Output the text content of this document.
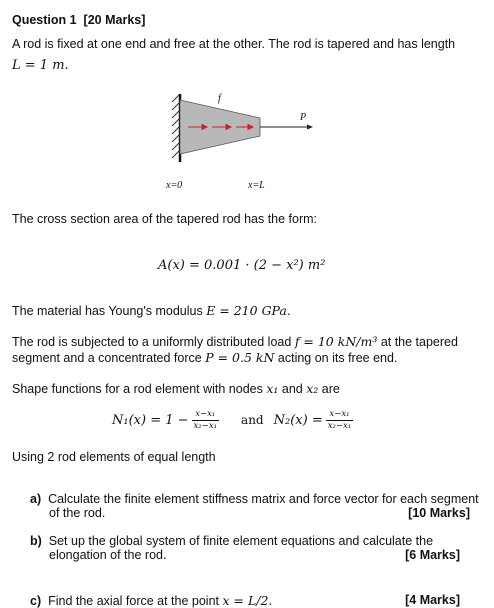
Question 1 [20 Marks]
A rod is fixed at one end and free at the other. The rod is tapered and has length
L = 1 m.
f
P
x=0	x=L
The cross section area of the tapered rod has the form:
A(x) = 0.001 · (2 − x²) m²
The material has Young's modulus E = 210 GPa.
The rod is subjected to a uniformly distributed load f = 10 kN/m³ at the tapered
segment and a concentrated force P = 0.5 kN acting on its free end.
Shape functions for a rod element with nodes x₁ and x₂ are
$N_1(x) = 1 - \frac{\text{x−x₁}}{\text{x₂−x₁}}$ and $N_2(x) = \frac{\text{x−x₁}}{\text{x₂−x₁}}$
Using 2 rod elements of equal length
a) Calculate the finite element stiffness matrix and force vector for each segment
of the rod.	[10 Marks]
b) Set up the global system of finite element equations and calculate the
elongation of the rod.	[6 Marks]
c) Find the axial force at the point x = L/2.	[4 Marks]
